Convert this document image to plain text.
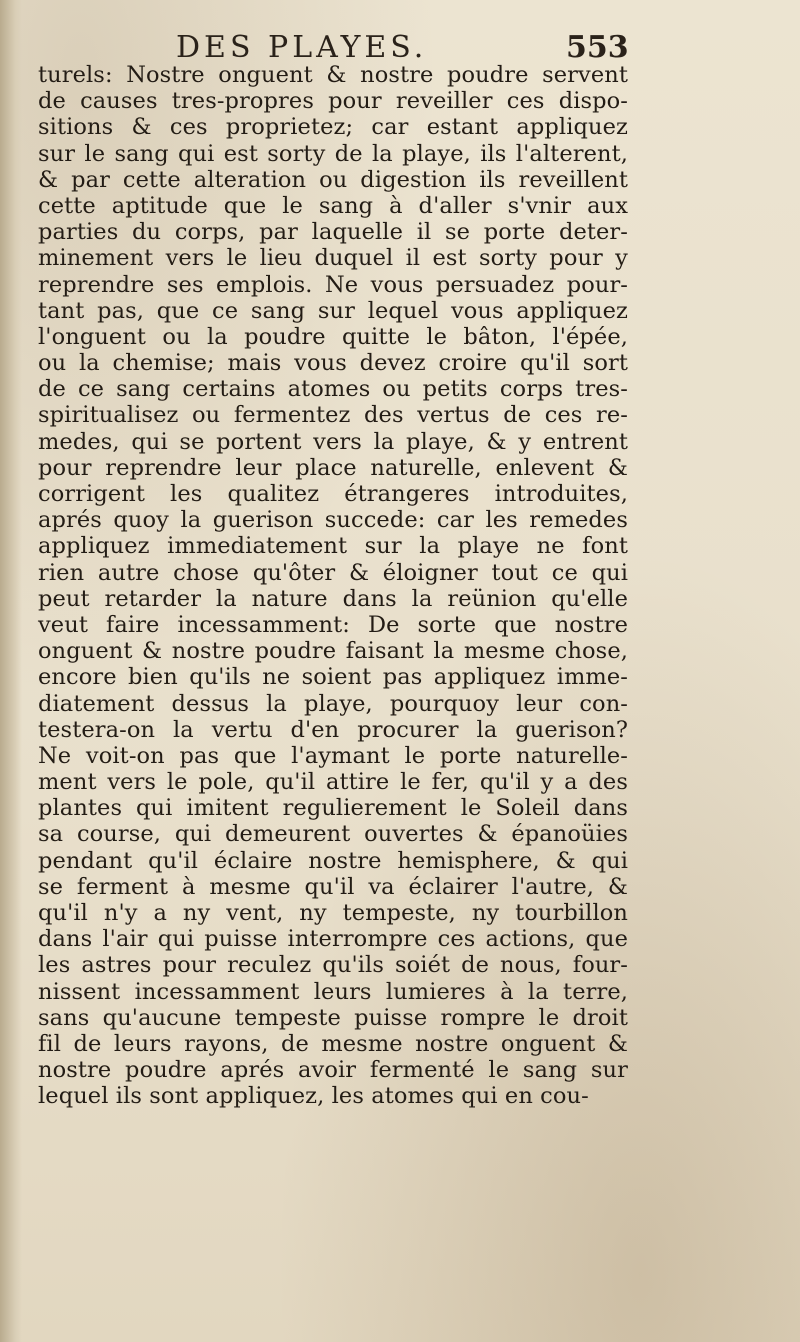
DES PLAYES.	553
turels: Nostre onguent & nostre poudre servent
de causes tres-propres pour reveiller ces dispo-
sitions & ces proprietez; car estant appliquez
sur le sang qui est sorty de la playe, ils l'alterent,
& par cette alteration ou digestion ils reveillent
cette aptitude que le sang à d'aller s'vnir aux
parties du corps, par laquelle il se porte deter-
minement vers le lieu duquel il est sorty pour y
reprendre ses emplois. Ne vous persuadez pour-
tant pas, que ce sang sur lequel vous appliquez
l'onguent ou la poudre quitte le bâton, l'épée,
ou la chemise; mais vous devez croire qu'il sort
de ce sang certains atomes ou petits corps tres-
spiritualisez ou fermentez des vertus de ces re-
medes, qui se portent vers la playe, & y entrent
pour reprendre leur place naturelle, enlevent &
corrigent les qualitez étrangeres introduites,
aprés quoy la guerison succede: car les remedes
appliquez immediatement sur la playe ne font
rien autre chose qu'ôter & éloigner tout ce qui
peut retarder la nature dans la reünion qu'elle
veut faire incessamment: De sorte que nostre
onguent & nostre poudre faisant la mesme chose,
encore bien qu'ils ne soient pas appliquez imme-
diatement dessus la playe, pourquoy leur con-
testera-on la vertu d'en procurer la guerison?
Ne voit-on pas que l'aymant le porte naturelle-
ment vers le pole, qu'il attire le fer, qu'il y a des
plantes qui imitent regulierement le Soleil dans
sa course, qui demeurent ouvertes & épanoüies
pendant qu'il éclaire nostre hemisphere, & qui
se ferment à mesme qu'il va éclairer l'autre, &
qu'il n'y a ny vent, ny tempeste, ny tourbillon
dans l'air qui puisse interrompre ces actions, que
les astres pour reculez qu'ils soiét de nous, four-
nissent incessamment leurs lumieres à la terre,
sans qu'aucune tempeste puisse rompre le droit
fil de leurs rayons, de mesme nostre onguent &
nostre poudre aprés avoir fermenté le sang sur
lequel ils sont appliquez, les atomes qui en cou-
